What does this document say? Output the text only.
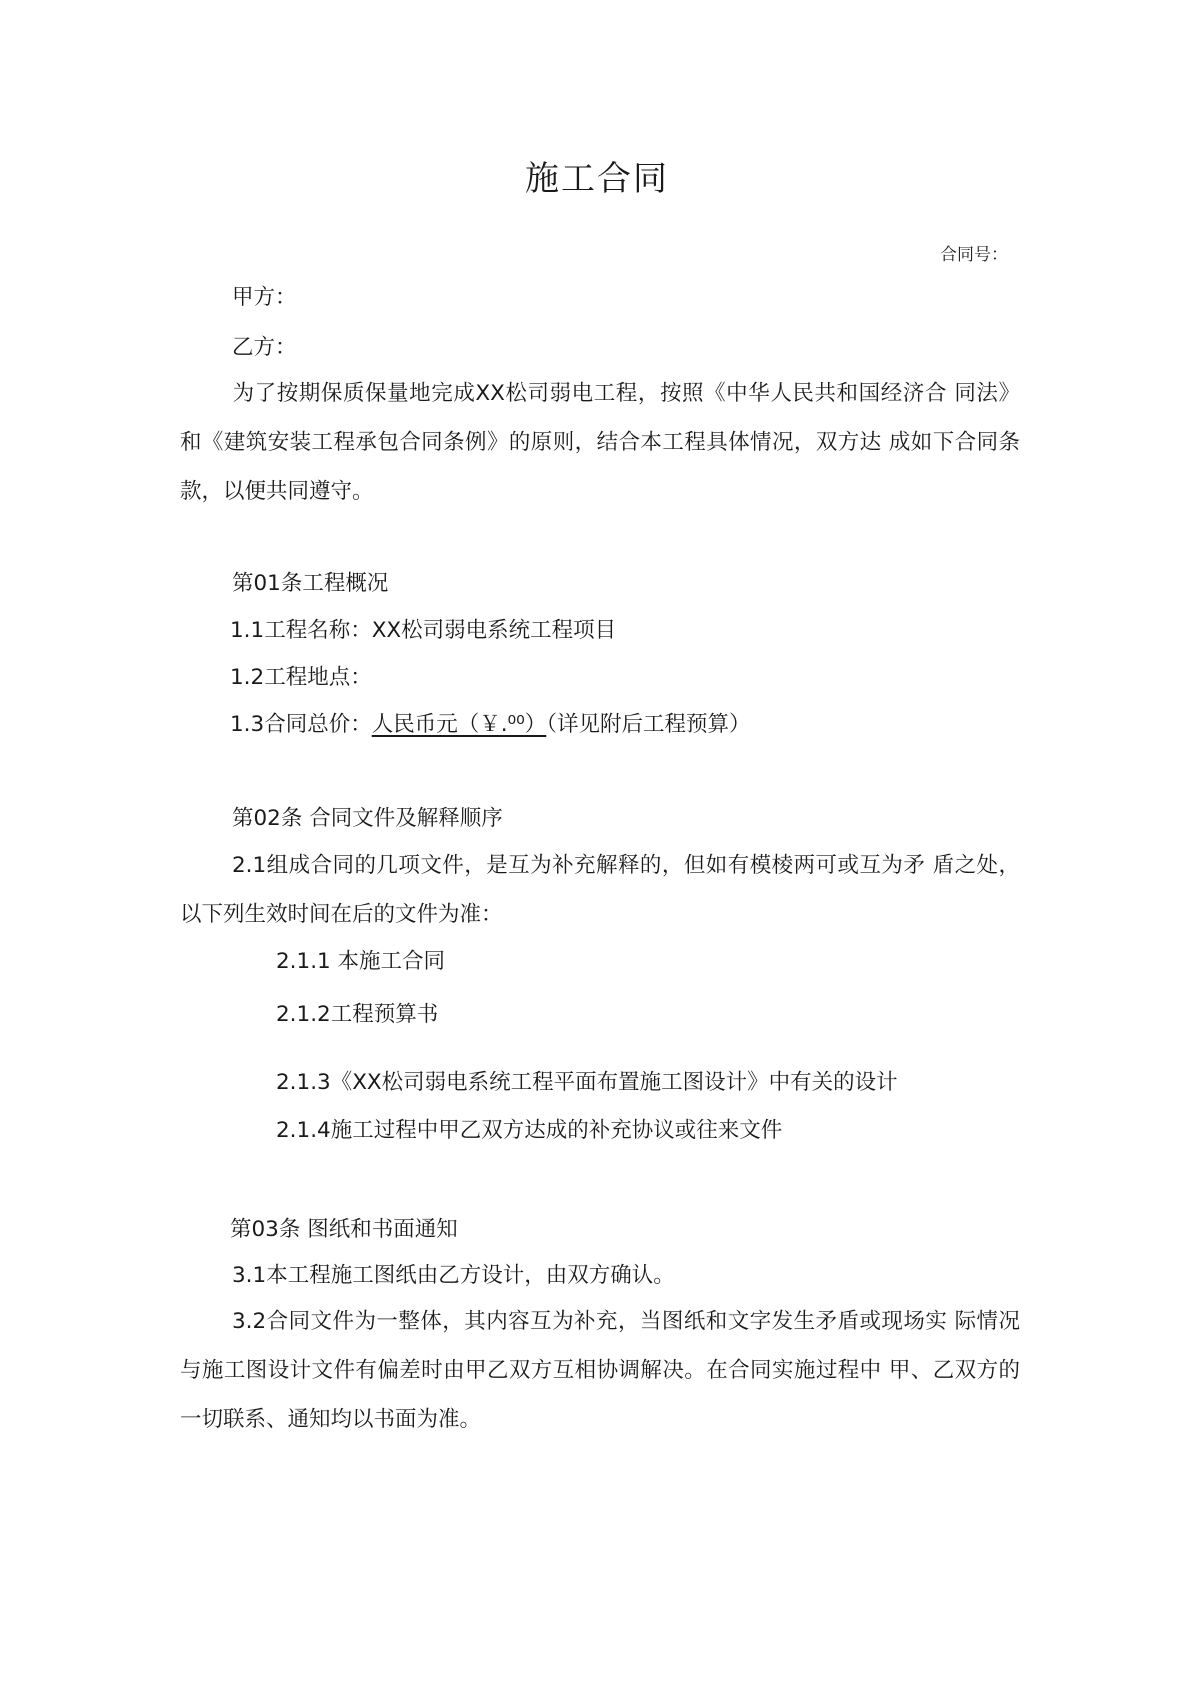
施工合同
合同号：
甲方：
乙方：
为了按期保质保量地完成XX松司弱电工程，按照《中华人民共和国经济合 同法》和《建筑安装工程承包合同条例》的原则，结合本工程具体情况，双方达 成如下合同条款，以便共同遵守。
第01条工程概况
1.1工程名称：XX松司弱电系统工程项目
1.2工程地点：
1.3合同总价：人民币元（￥.⁰⁰）（详见附后工程预算）
第02条 合同文件及解释顺序
2.1组成合同的几项文件，是互为补充解释的，但如有模棱两可或互为矛 盾之处，以下列生效时间在后的文件为准：
2.1.1 本施工合同
2.1.2工程预算书
2.1.3《XX松司弱电系统工程平面布置施工图设计》中有关的设计
2.1.4施工过程中甲乙双方达成的补充协议或往来文件
第03条 图纸和书面通知
3.1本工程施工图纸由乙方设计，由双方确认。
3.2合同文件为一整体，其内容互为补充，当图纸和文字发生矛盾或现场实 际情况与施工图设计文件有偏差时由甲乙双方互相协调解决。在合同实施过程中 甲、乙双方的一切联系、通知均以书面为准。
